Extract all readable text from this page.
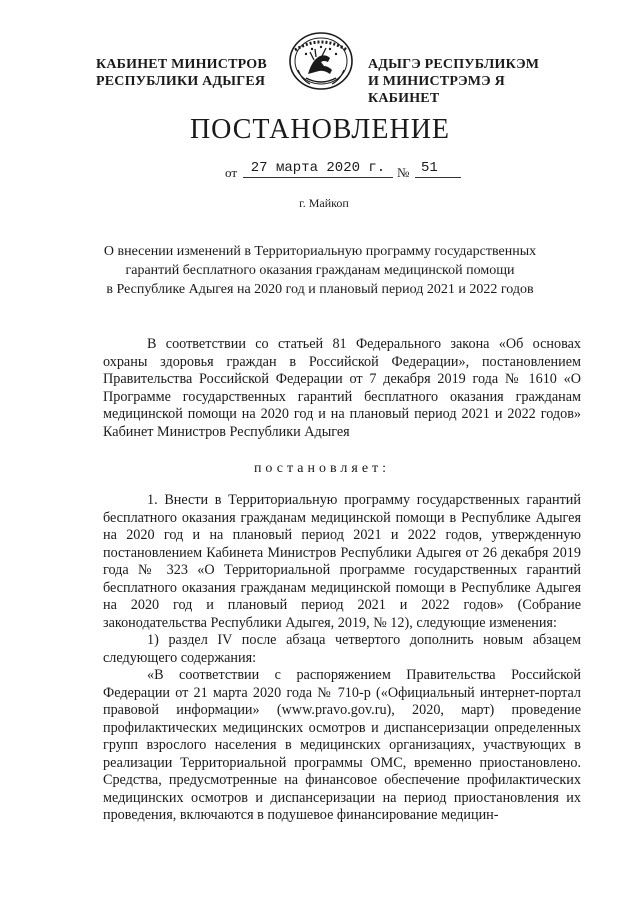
КАБИНЕТ МИНИСТРОВ
РЕСПУБЛИКИ АДЫГЕЯ
АДЫГЭ РЕСПУБЛИКЭМ
И МИНИСТРЭМЭ Я КАБИНЕТ
ПОСТАНОВЛЕНИЕ
от 27 марта 2020 г. № 51
г. Майкоп
О внесении изменений в Территориальную программу государственных
гарантий бесплатного оказания гражданам медицинской помощи
в Республике Адыгея на 2020 год и плановый период 2021 и 2022 годов

В соответствии со статьей 81 Федерального закона «Об основах охраны здоровья граждан в Российской Федерации», постановлением Правительства Российской Федерации от 7 декабря 2019 года № 1610 «О Программе государственных гарантий бесплатного оказания гражданам медицинской помощи на 2020 год и на плановый период 2021 и 2022 годов» Кабинет Министров Республики Адыгея

постановляет:

1. Внести в Территориальную программу государственных гарантий бесплатного оказания гражданам медицинской помощи в Республике Адыгея на 2020 год и на плановый период 2021 и 2022 годов, утвержденную постановлением Кабинета Министров Республики Адыгея от 26 декабря 2019 года № 323 «О Территориальной программе государственных гарантий бесплатного оказания гражданам медицинской помощи в Республике Адыгея на 2020 год и плановый период 2021 и 2022 годов» (Собрание законодательства Республики Адыгея, 2019, № 12), следующие изменения:

1) раздел IV после абзаца четвертого дополнить новым абзацем следующего содержания:

«В соответствии с распоряжением Правительства Российской Федерации от 21 марта 2020 года № 710-р («Официальный интернет-портал правовой информации» (www.pravo.gov.ru), 2020, март) проведение профилактических медицинских осмотров и диспансеризации определенных групп взрослого населения в медицинских организациях, участвующих в реализации Территориальной программы ОМС, временно приостановлено. Средства, предусмотренные на финансовое обеспечение профилактических медицинских осмотров и диспансеризации на период приостановления их проведения, включаются в подушевое финансирование медицин-
